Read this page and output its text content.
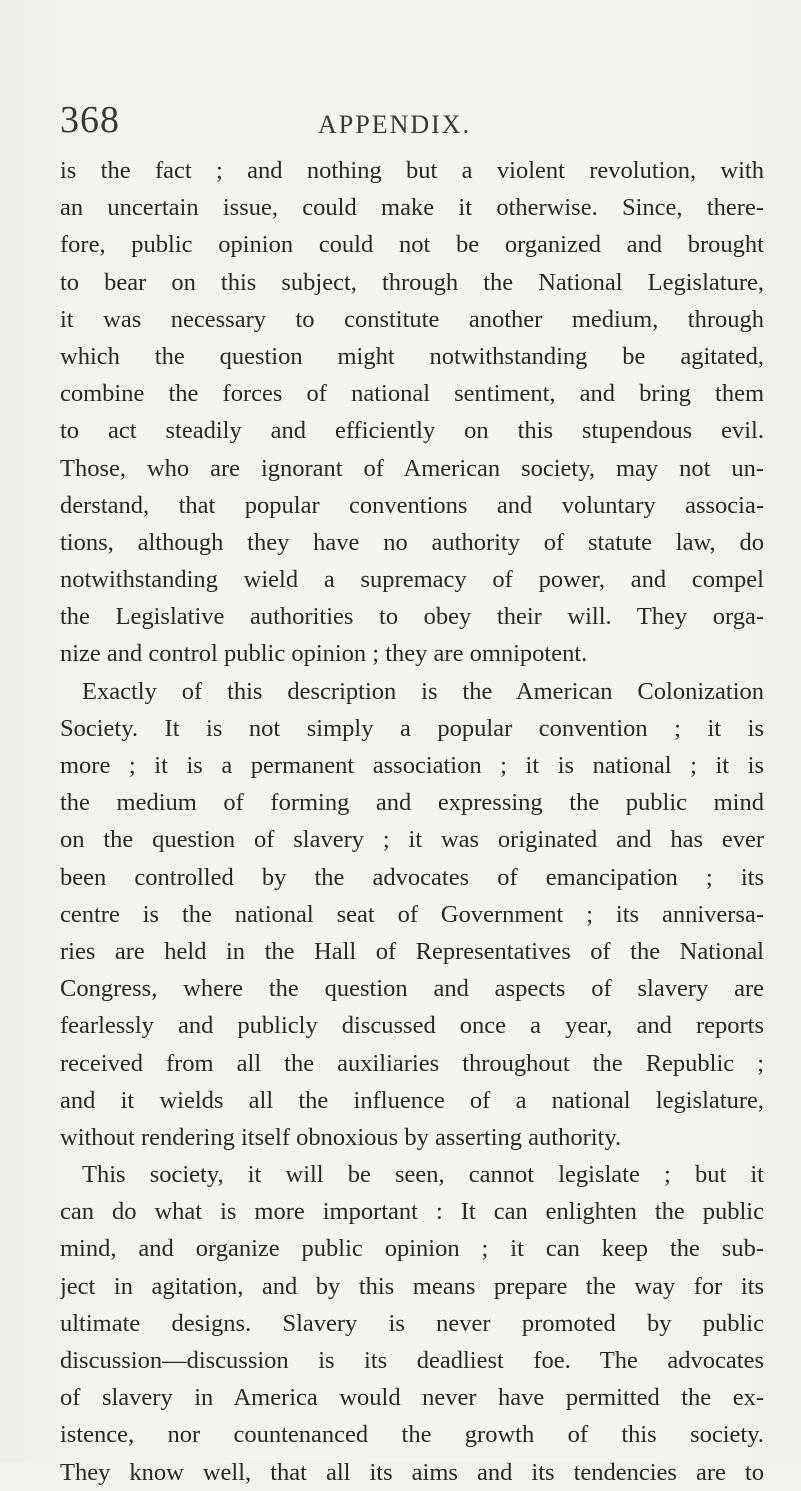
368	APPENDIX.
is the fact ; and nothing but a violent revolution, with
an uncertain issue, could make it otherwise. Since, there-
fore, public opinion could not be organized and brought
to bear on this subject, through the National Legislature,
it was necessary to constitute another medium, through
which the question might notwithstanding be agitated,
combine the forces of national sentiment, and bring them
to act steadily and efficiently on this stupendous evil.
Those, who are ignorant of American society, may not un-
derstand, that popular conventions and voluntary associa-
tions, although they have no authority of statute law, do
notwithstanding wield a supremacy of power, and compel
the Legislative authorities to obey their will. They orga-
nize and control public opinion ; they are omnipotent.
Exactly of this description is the American Colonization
Society. It is not simply a popular convention ; it is
more ; it is a permanent association ; it is national ; it is
the medium of forming and expressing the public mind
on the question of slavery ; it was originated and has ever
been controlled by the advocates of emancipation ; its
centre is the national seat of Government ; its anniversa-
ries are held in the Hall of Representatives of the National
Congress, where the question and aspects of slavery are
fearlessly and publicly discussed once a year, and reports
received from all the auxiliaries throughout the Republic ;
and it wields all the influence of a national legislature,
without rendering itself obnoxious by asserting authority.
This society, it will be seen, cannot legislate ; but it
can do what is more important : It can enlighten the public
mind, and organize public opinion ; it can keep the sub-
ject in agitation, and by this means prepare the way for its
ultimate designs. Slavery is never promoted by public
discussion—discussion is its deadliest foe. The advocates
of slavery in America would never have permitted the ex-
istence, nor countenanced the growth of this society.
They know well, that all its aims and its tendencies are to
